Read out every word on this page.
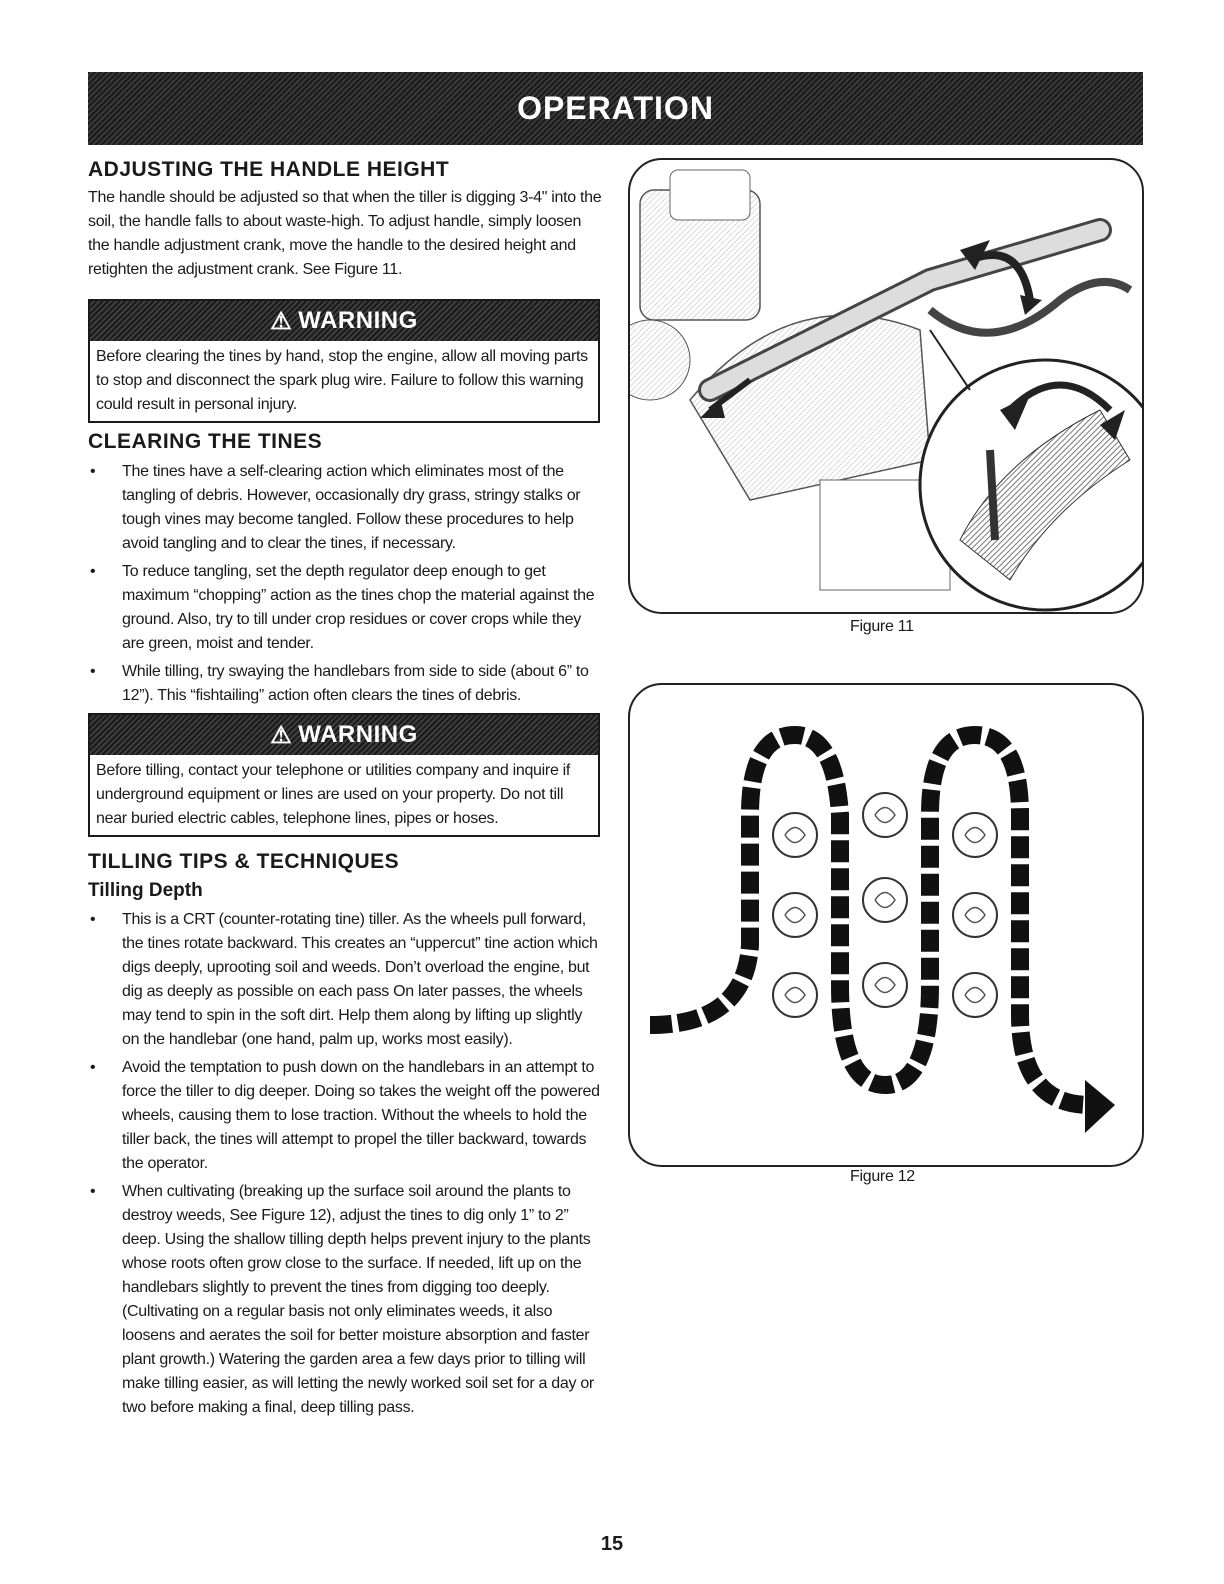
OPERATION
ADJUSTING THE HANDLE HEIGHT

The handle should be adjusted so that when the tiller is digging 3-4" into the soil, the handle falls to about waste-high. To adjust handle, simply loosen the handle adjustment crank, move the handle to the desired height and retighten the adjustment crank. See Figure 11.

⚠ WARNING
Before clearing the tines by hand, stop the engine, allow all moving parts to stop and disconnect the spark plug wire. Failure to follow this warning could result in personal injury.
CLEARING THE TINES
• The tines have a self-clearing action which eliminates most of the tangling of debris. However, occasionally dry grass, stringy stalks or tough vines may become tangled. Follow these procedures to help avoid tangling and to clear the tines, if necessary.
• To reduce tangling, set the depth regulator deep enough to get maximum “chopping” action as the tines chop the material against the ground. Also, try to till under crop residues or cover crops while they are green, moist and tender.
• While tilling, try swaying the handlebars from side to side (about 6” to 12”). This “fishtailing” action often clears the tines of debris.
⚠ WARNING
Before tilling, contact your telephone or utilities company and inquire if underground equipment or lines are used on your property. Do not till near buried electric cables, telephone lines, pipes or hoses.
TILLING TIPS & TECHNIQUES
Tilling Depth
• This is a CRT (counter-rotating tine) tiller. As the wheels pull forward, the tines rotate backward. This creates an “uppercut” tine action which digs deeply, uprooting soil and weeds. Don’t overload the engine, but dig as deeply as possible on each pass On later passes, the wheels may tend to spin in the soft dirt. Help them along by lifting up slightly on the handlebar (one hand, palm up, works most easily).
• Avoid the temptation to push down on the handlebars in an attempt to force the tiller to dig deeper. Doing so takes the weight off the powered wheels, causing them to lose traction. Without the wheels to hold the tiller back, the tines will attempt to propel the tiller backward, towards the operator.
• When cultivating (breaking up the surface soil around the plants to destroy weeds, See Figure 12), adjust the tines to dig only 1” to 2” deep. Using the shallow tilling depth helps prevent injury to the plants whose roots often grow close to the surface. If needed, lift up on the handlebars slightly to prevent the tines from digging too deeply. (Cultivating on a regular basis not only eliminates weeds, it also loosens and aerates the soil for better moisture absorption and faster plant growth.) Watering the garden area a few days prior to tilling will make tilling easier, as will letting the newly worked soil set for a day or two before making a final, deep tilling pass.
Figure 11
Figure 12
15
